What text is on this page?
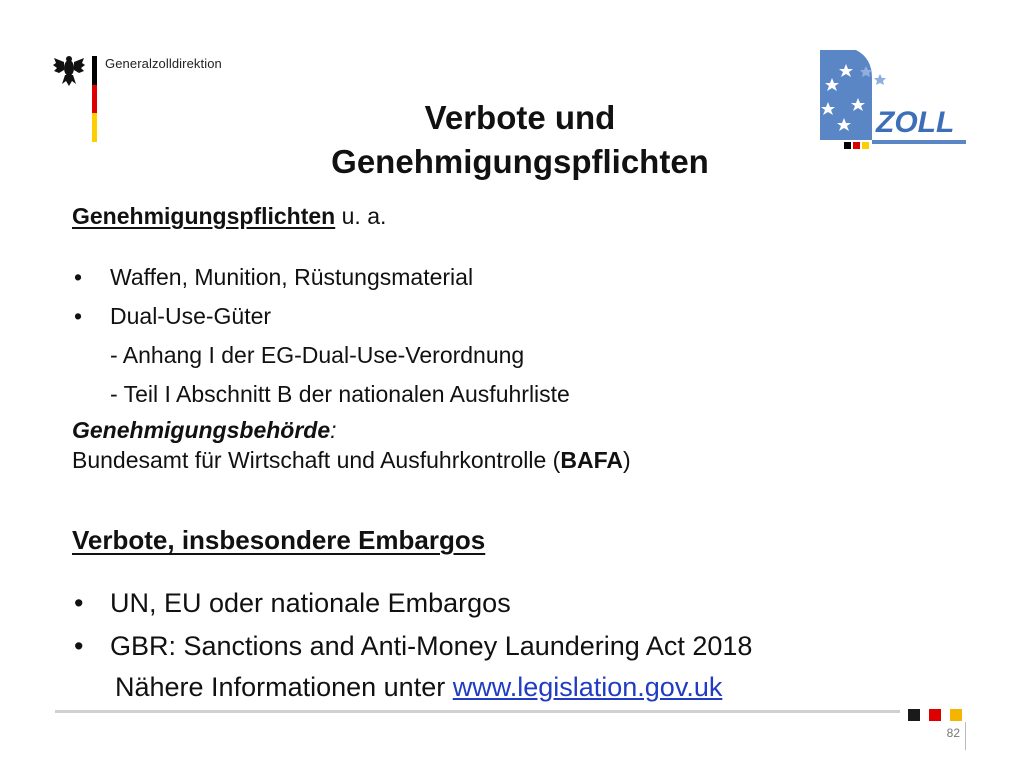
Generalzolldirektion
ZOLL
Verbote und
Genehmigungspflichten
Genehmigungspflichten u. a.
• Waffen, Munition, Rüstungsmaterial
• Dual-Use-Güter
- Anhang I der EG-Dual-Use-Verordnung
- Teil I Abschnitt B der nationalen Ausfuhrliste
Genehmigungsbehörde:
Bundesamt für Wirtschaft und Ausfuhrkontrolle (BAFA)
Verbote, insbesondere Embargos
• UN, EU oder nationale Embargos
• GBR: Sanctions and Anti-Money Laundering Act 2018
Nähere Informationen unter www.legislation.gov.uk
82
